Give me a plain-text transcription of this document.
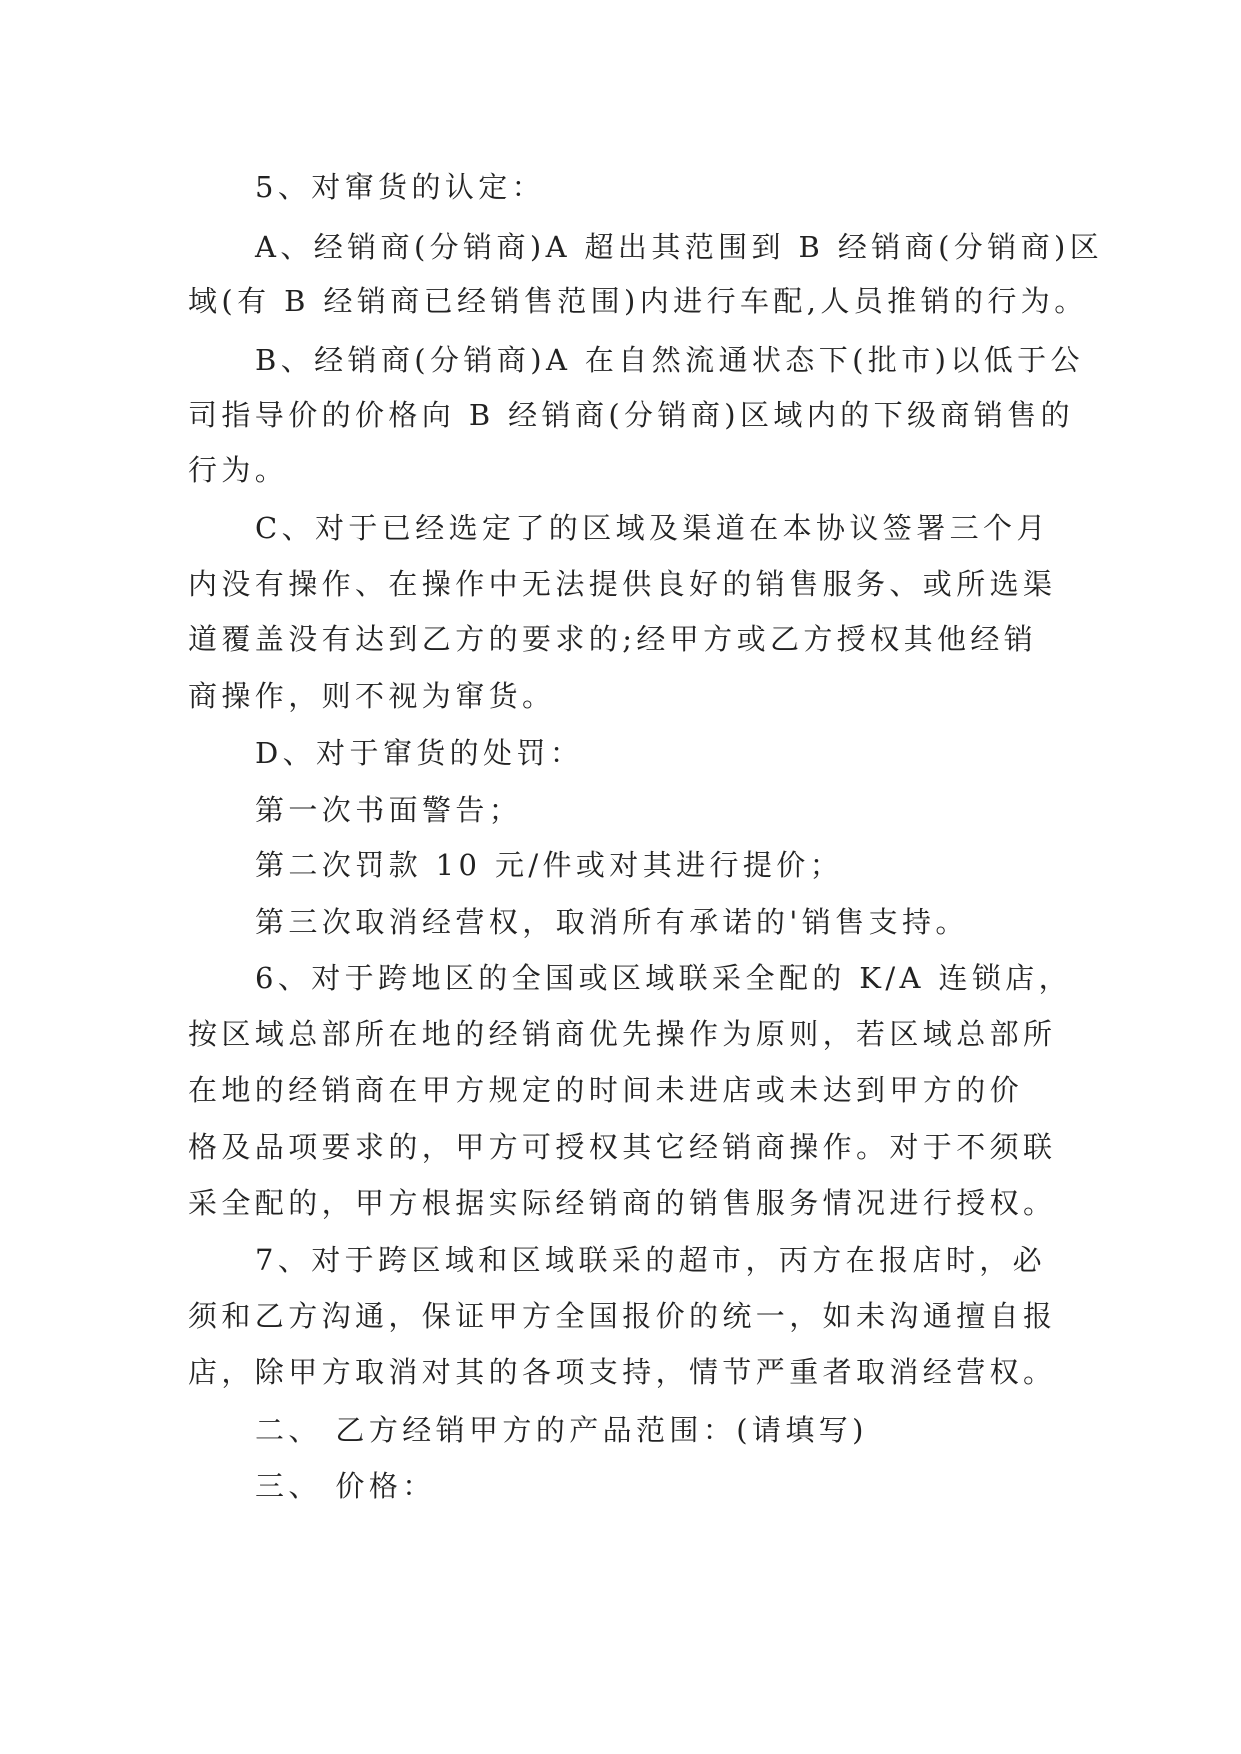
5、对窜货的认定：
A、经销商(分销商)A 超出其范围到 B 经销商(分销商)区
域(有 B 经销商已经销售范围)内进行车配,人员推销的行为。
B、经销商(分销商)A 在自然流通状态下(批市)以低于公
司指导价的价格向 B 经销商(分销商)区域内的下级商销售的
行为。
C、对于已经选定了的区域及渠道在本协议签署三个月
内没有操作、在操作中无法提供良好的销售服务、或所选渠
道覆盖没有达到乙方的要求的;经甲方或乙方授权其他经销
商操作，则不视为窜货。
D、对于窜货的处罚：
第一次书面警告；
第二次罚款 10 元/件或对其进行提价；
第三次取消经营权，取消所有承诺的'销售支持。
6、对于跨地区的全国或区域联采全配的 K/A 连锁店，
按区域总部所在地的经销商优先操作为原则，若区域总部所
在地的经销商在甲方规定的时间未进店或未达到甲方的价
格及品项要求的，甲方可授权其它经销商操作。对于不须联
采全配的，甲方根据实际经销商的销售服务情况进行授权。
7、对于跨区域和区域联采的超市，丙方在报店时，必
须和乙方沟通，保证甲方全国报价的统一，如未沟通擅自报
店，除甲方取消对其的各项支持，情节严重者取消经营权。
二、 乙方经销甲方的产品范围：(请填写)
三、 价格：
